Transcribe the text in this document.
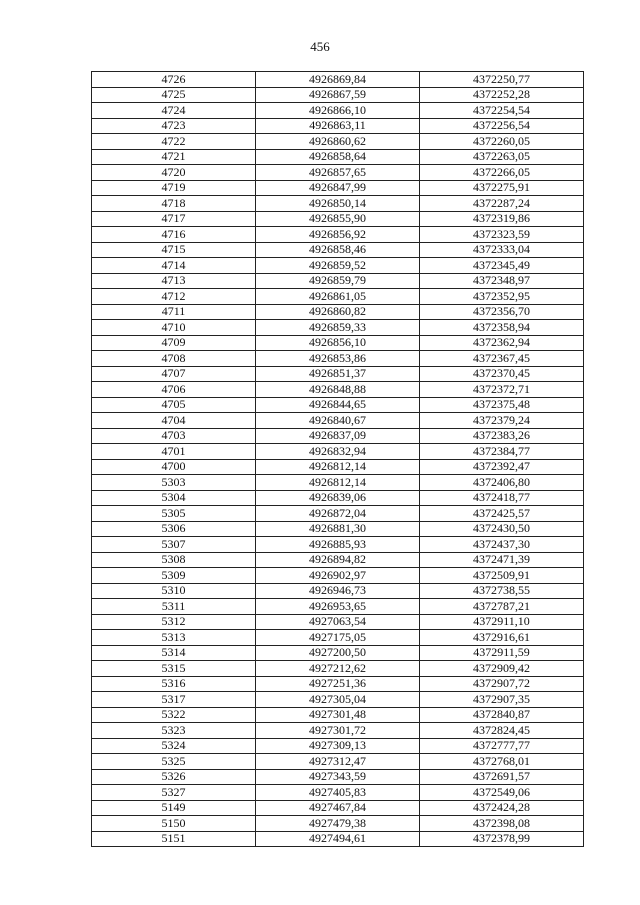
456
4726	4926869,84	4372250,77
4725	4926867,59	4372252,28
4724	4926866,10	4372254,54
4723	4926863,11	4372256,54
4722	4926860,62	4372260,05
4721	4926858,64	4372263,05
4720	4926857,65	4372266,05
4719	4926847,99	4372275,91
4718	4926850,14	4372287,24
4717	4926855,90	4372319,86
4716	4926856,92	4372323,59
4715	4926858,46	4372333,04
4714	4926859,52	4372345,49
4713	4926859,79	4372348,97
4712	4926861,05	4372352,95
4711	4926860,82	4372356,70
4710	4926859,33	4372358,94
4709	4926856,10	4372362,94
4708	4926853,86	4372367,45
4707	4926851,37	4372370,45
4706	4926848,88	4372372,71
4705	4926844,65	4372375,48
4704	4926840,67	4372379,24
4703	4926837,09	4372383,26
4701	4926832,94	4372384,77
4700	4926812,14	4372392,47
5303	4926812,14	4372406,80
5304	4926839,06	4372418,77
5305	4926872,04	4372425,57
5306	4926881,30	4372430,50
5307	4926885,93	4372437,30
5308	4926894,82	4372471,39
5309	4926902,97	4372509,91
5310	4926946,73	4372738,55
5311	4926953,65	4372787,21
5312	4927063,54	4372911,10
5313	4927175,05	4372916,61
5314	4927200,50	4372911,59
5315	4927212,62	4372909,42
5316	4927251,36	4372907,72
5317	4927305,04	4372907,35
5322	4927301,48	4372840,87
5323	4927301,72	4372824,45
5324	4927309,13	4372777,77
5325	4927312,47	4372768,01
5326	4927343,59	4372691,57
5327	4927405,83	4372549,06
5149	4927467,84	4372424,28
5150	4927479,38	4372398,08
5151	4927494,61	4372378,99
